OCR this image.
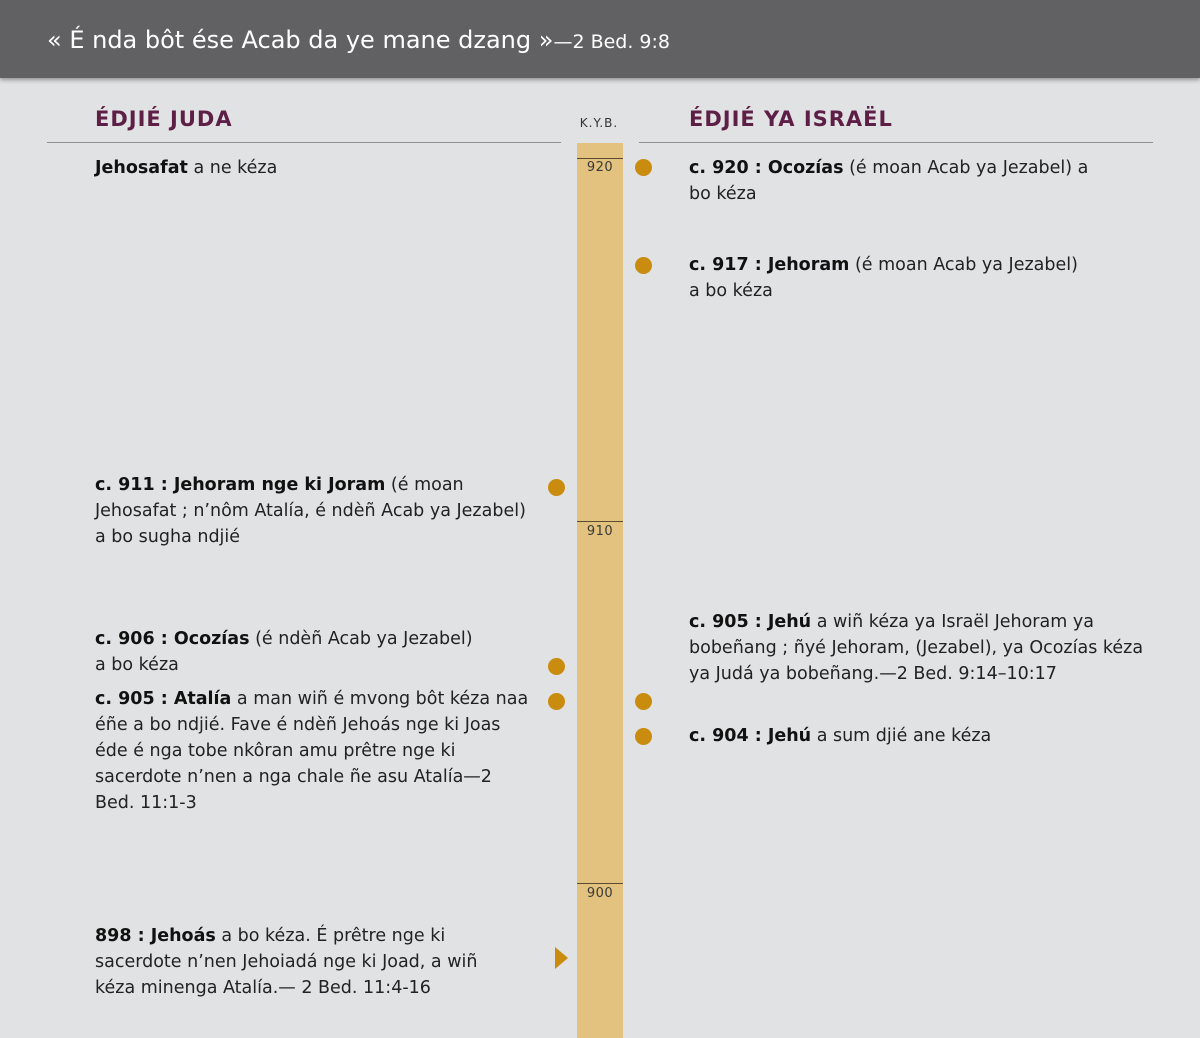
« É nda bôt ése Acab da ye mane dzang »—2 Bed. 9:8
ÉDJIÉ JUDA	ÉDJIÉ YA ISRAËL
K.Y.B.
920
910
900
Jehosafat a ne kéza
c. 911 : Jehoram nge ki Joram (é moan Jehosafat ; n’nôm Atalía, é ndèñ Acab ya Jezabel) a bo sugha ndjié
c. 906 : Ocozías (é ndèñ Acab ya Jezabel) a bo kéza
c. 905 : Atalía a man wiñ é mvong bôt kéza naa éñe a bo ndjié. Fave é ndèñ Jehoás nge ki Joas éde é nga tobe nkôran amu prêtre nge ki sacerdote n’nen a nga chale ñe asu Atalía—2 Bed. 11:1-3
898 : Jehoás a bo kéza. É prêtre nge ki sacerdote n’nen Jehoiadá nge ki Joad, a wiñ kéza minenga Atalía.— 2 Bed. 11:4-16
c. 920 : Ocozías (é moan Acab ya Jezabel) a bo kéza
c. 917 : Jehoram (é moan Acab ya Jezabel) a bo kéza
c. 905 : Jehú a wiñ kéza ya Israël Jehoram ya bobeñang ; ñyé Jehoram, (Jezabel), ya Ocozías kéza ya Judá ya bobeñang.—2 Bed. 9:14–10:17
c. 904 : Jehú a sum djié ane kéza
